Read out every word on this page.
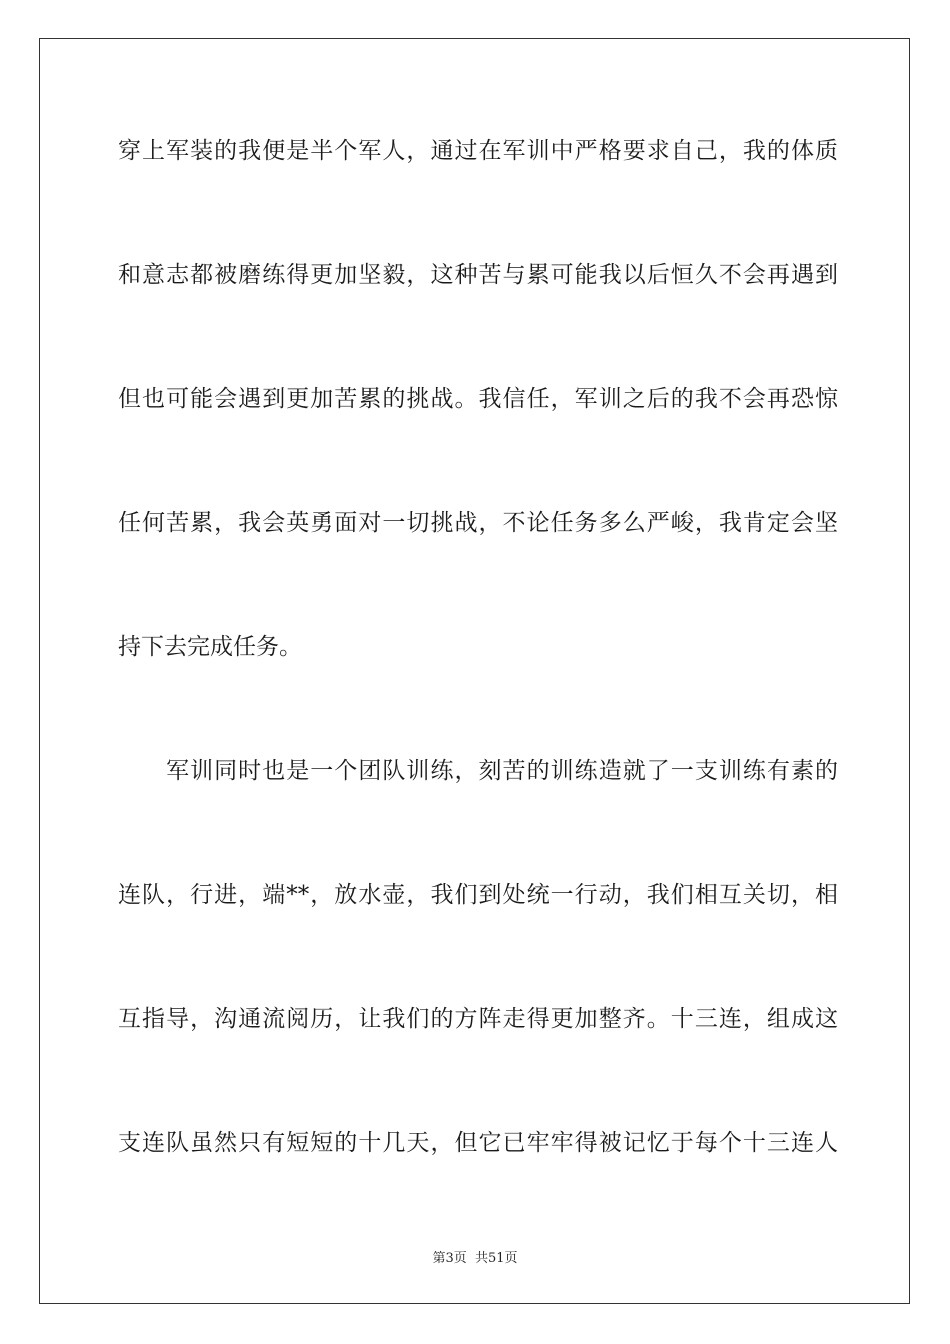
穿上军装的我便是半个军人，通过在军训中严格要求自己，我的体质
和意志都被磨练得更加坚毅，这种苦与累可能我以后恒久不会再遇到
但也可能会遇到更加苦累的挑战。我信任，军训之后的我不会再恐惊
任何苦累，我会英勇面对一切挑战，不论任务多么严峻，我肯定会坚
持下去完成任务。
　　军训同时也是一个团队训练，刻苦的训练造就了一支训练有素的
连队，行进，端**，放水壶，我们到处统一行动，我们相互关切，相
互指导，沟通流阅历，让我们的方阵走得更加整齐。十三连，组成这
支连队虽然只有短短的十几天，但它已牢牢得被记忆于每个十三连人
第3页 共51页
